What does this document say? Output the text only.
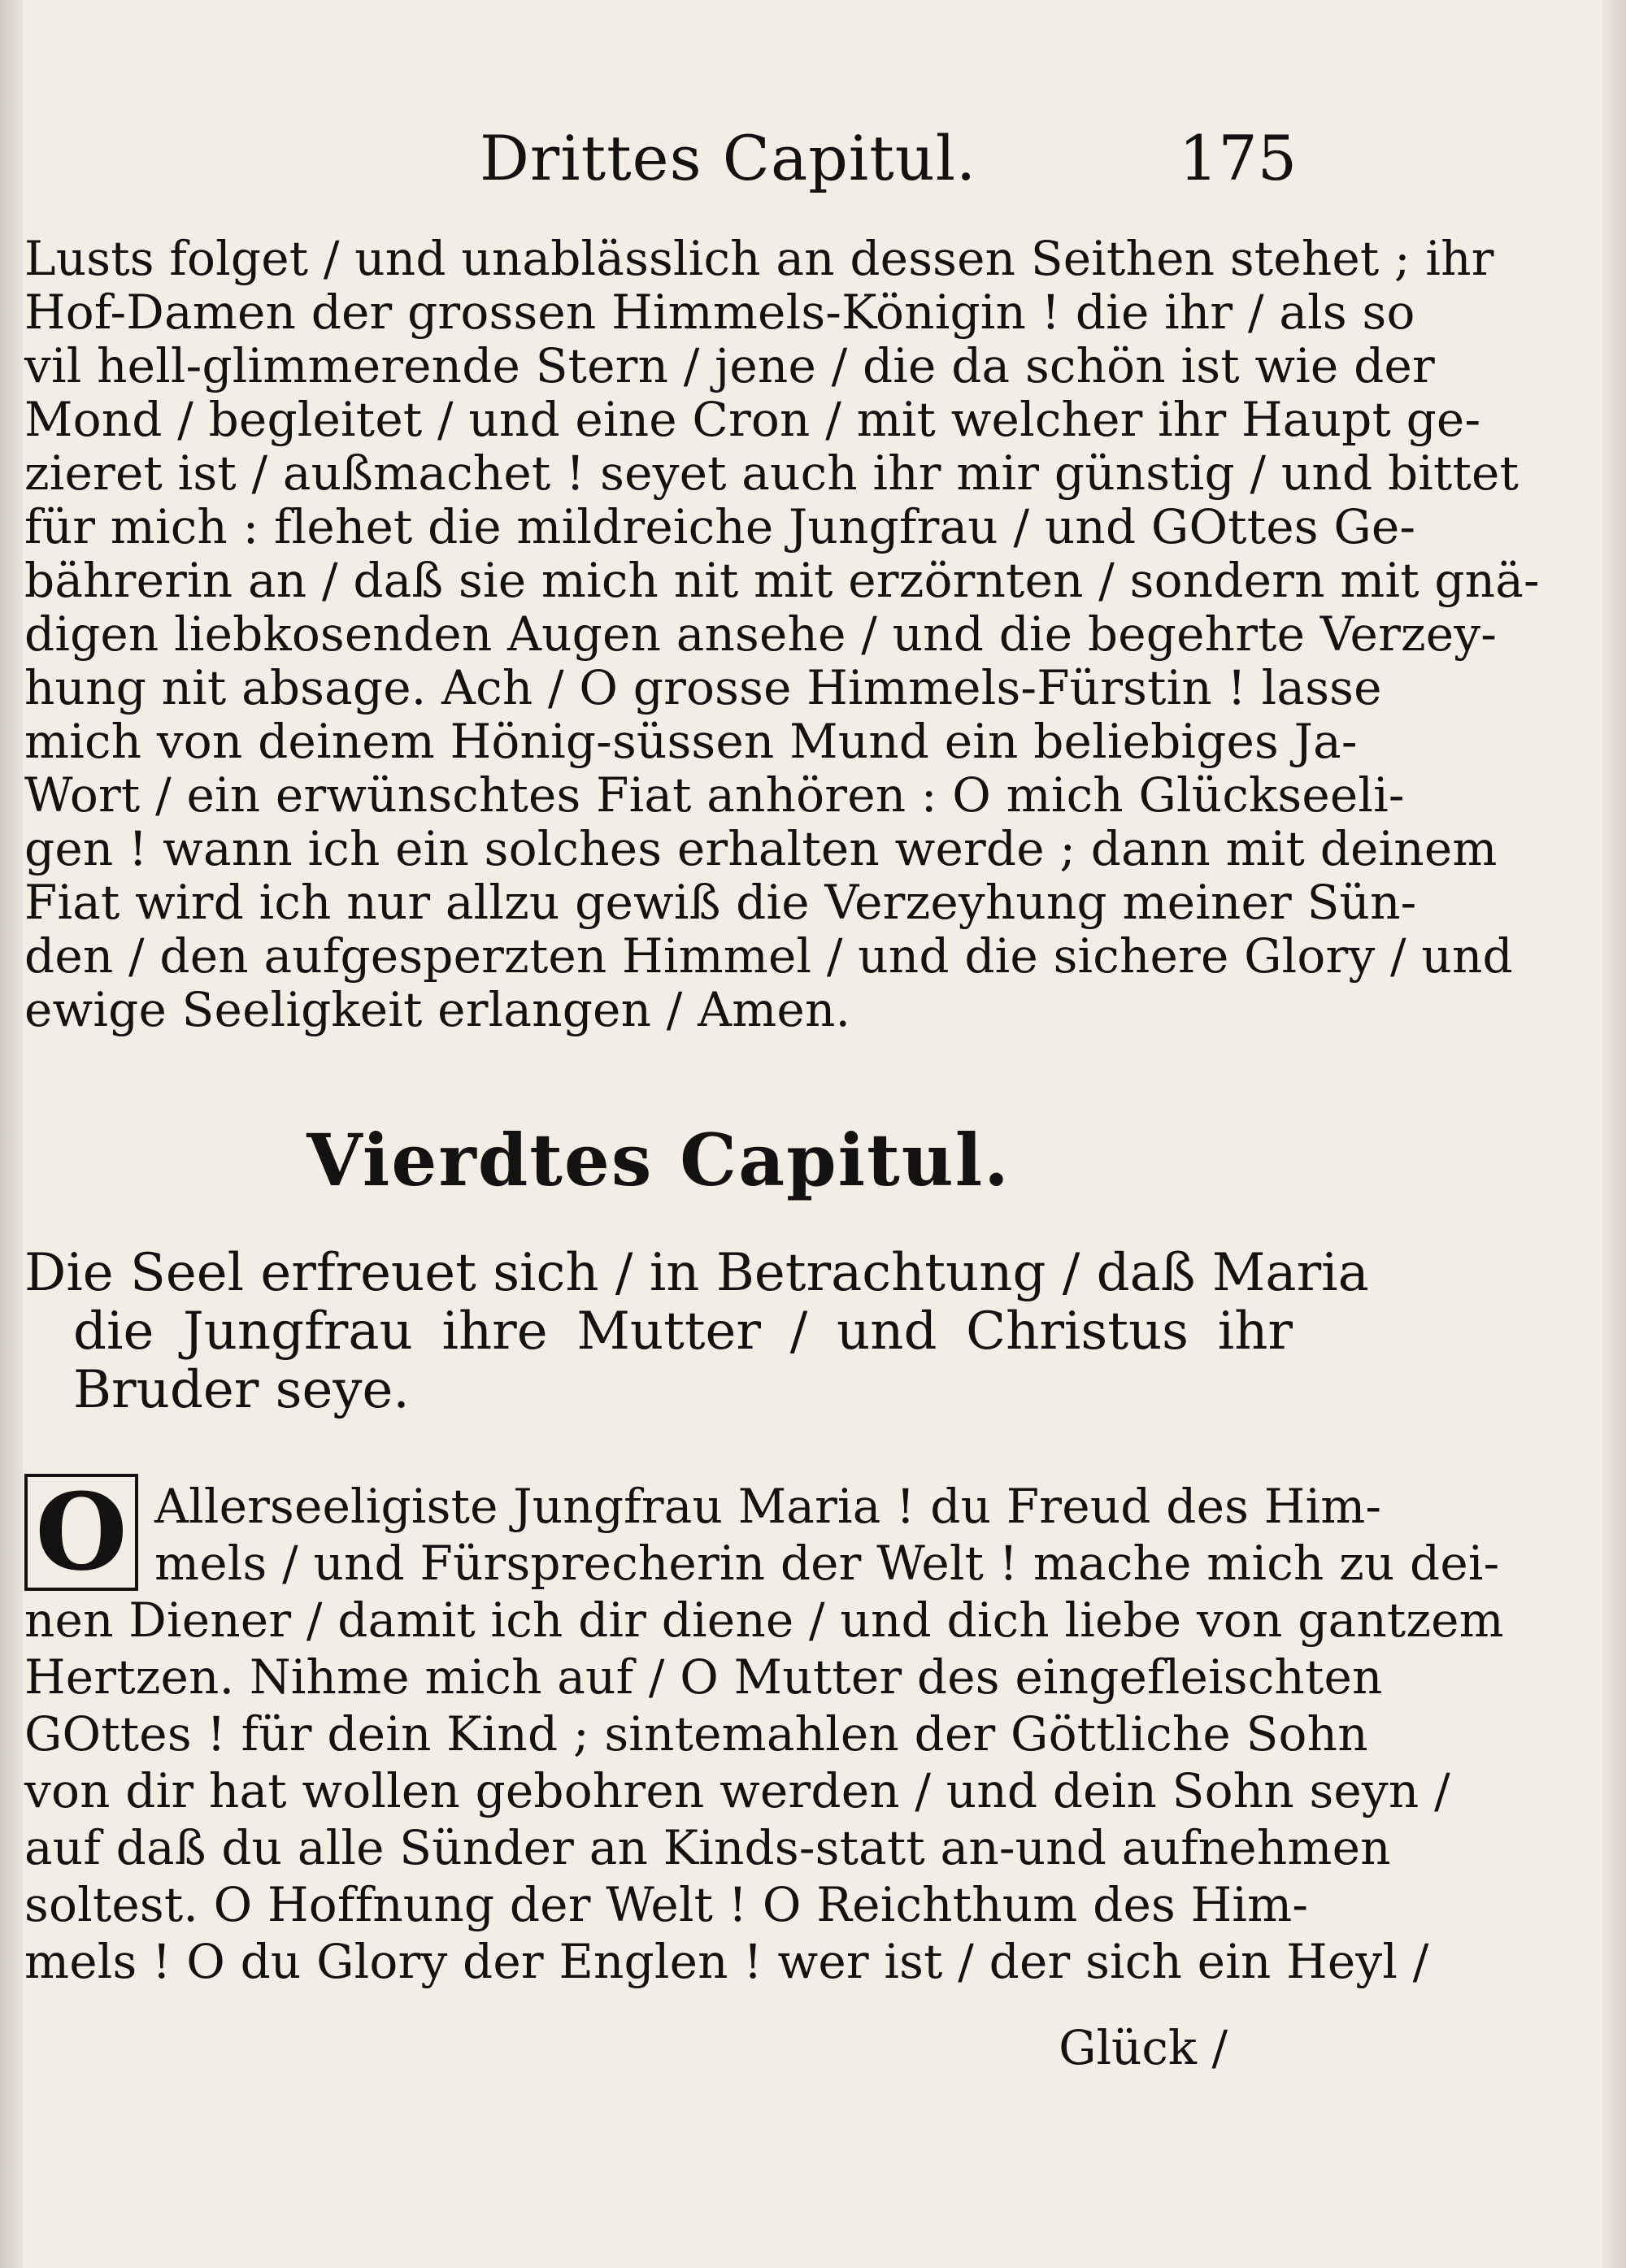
Drittes Capitul.	175
Lusts folget / und unablässlich an dessen Seithen stehet ; ihr
Hof-Damen der grossen Himmels-Königin ! die ihr / als so
vil hell-glimmerende Stern / jene / die da schön ist wie der
Mond / begleitet / und eine Cron / mit welcher ihr Haupt ge-
zieret ist / außmachet ! seyet auch ihr mir günstig / und bittet
für mich : flehet die mildreiche Jungfrau / und GOttes Ge-
bährerin an / daß sie mich nit mit erzörnten / sondern mit gnä-
digen liebkosenden Augen ansehe / und die begehrte Verzey-
hung nit absage. Ach / O grosse Himmels-Fürstin ! lasse
mich von deinem Hönig-süssen Mund ein beliebiges Ja-
Wort / ein erwünschtes Fiat anhören : O mich Glückseeli-
gen ! wann ich ein solches erhalten werde ; dann mit deinem
Fiat wird ich nur allzu gewiß die Verzeyhung meiner Sün-
den / den aufgesperzten Himmel / und die sichere Glory / und
ewige Seeligkeit erlangen / Amen.
Vierdtes Capitul.
Die Seel erfreuet sich / in Betrachtung / daß Maria
die Jungfrau ihre Mutter / und Christus ihr
Bruder seye.
O Allerseeligiste Jungfrau Maria ! du Freud des Him-
mels / und Fürsprecherin der Welt ! mache mich zu dei-
nen Diener / damit ich dir diene / und dich liebe von gantzem
Hertzen. Nihme mich auf / O Mutter des eingefleischten
GOttes ! für dein Kind ; sintemahlen der Göttliche Sohn
von dir hat wollen gebohren werden / und dein Sohn seyn /
auf daß du alle Sünder an Kinds-statt an-und aufnehmen
soltest. O Hoffnung der Welt ! O Reichthum des Him-
mels ! O du Glory der Englen ! wer ist / der sich ein Heyl /
Glück /
